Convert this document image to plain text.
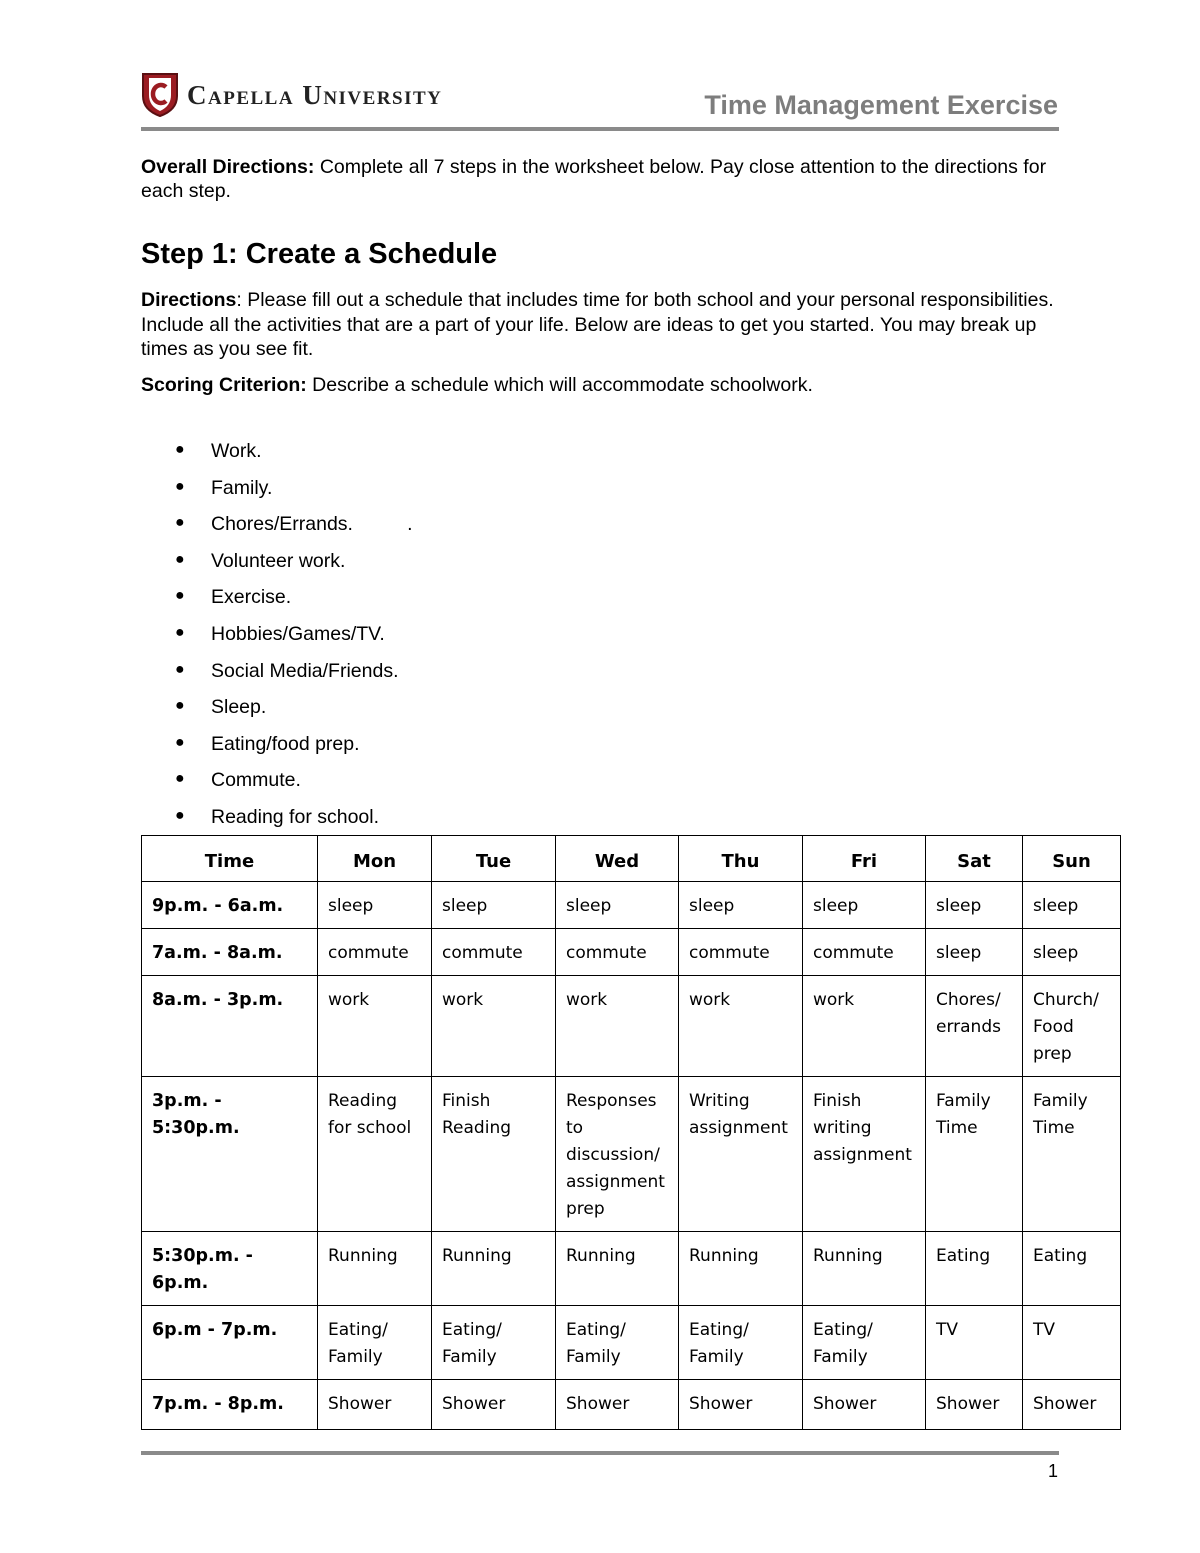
Capella University	Time Management Exercise
Overall Directions: Complete all 7 steps in the worksheet below. Pay close attention to the directions for each step.
Step 1: Create a Schedule
Directions: Please fill out a schedule that includes time for both school and your personal responsibilities. Include all the activities that are a part of your life. Below are ideas to get you started. You may break up times as you see fit.
Scoring Criterion: Describe a schedule which will accommodate schoolwork.
●	Work.
●	Family.
●	Chores/Errands.          .
●	Volunteer work.
●	Exercise.
●	Hobbies/Games/TV.
●	Social Media/Friends.
●	Sleep.
●	Eating/food prep.
●	Commute.
●	Reading for school.
Time	Mon	Tue	Wed	Thu	Fri	Sat	Sun
9p.m. - 6a.m.	sleep	sleep	sleep	sleep	sleep	sleep	sleep
7a.m. - 8a.m.	commute	commute	commute	commute	commute	sleep	sleep
8a.m. - 3p.m.	work	work	work	work	work	Chores/ errands	Church/ Food prep
3p.m. - 5:30p.m.	Reading for school	Finish Reading	Responses to discussion/ assignment prep	Writing assignment	Finish writing assignment	Family Time	Family Time
5:30p.m. - 6p.m.	Running	Running	Running	Running	Running	Eating	Eating
6p.m - 7p.m.	Eating/ Family	Eating/ Family	Eating/ Family	Eating/ Family	Eating/ Family	TV	TV
7p.m. - 8p.m.	Shower	Shower	Shower	Shower	Shower	Shower	Shower
1
